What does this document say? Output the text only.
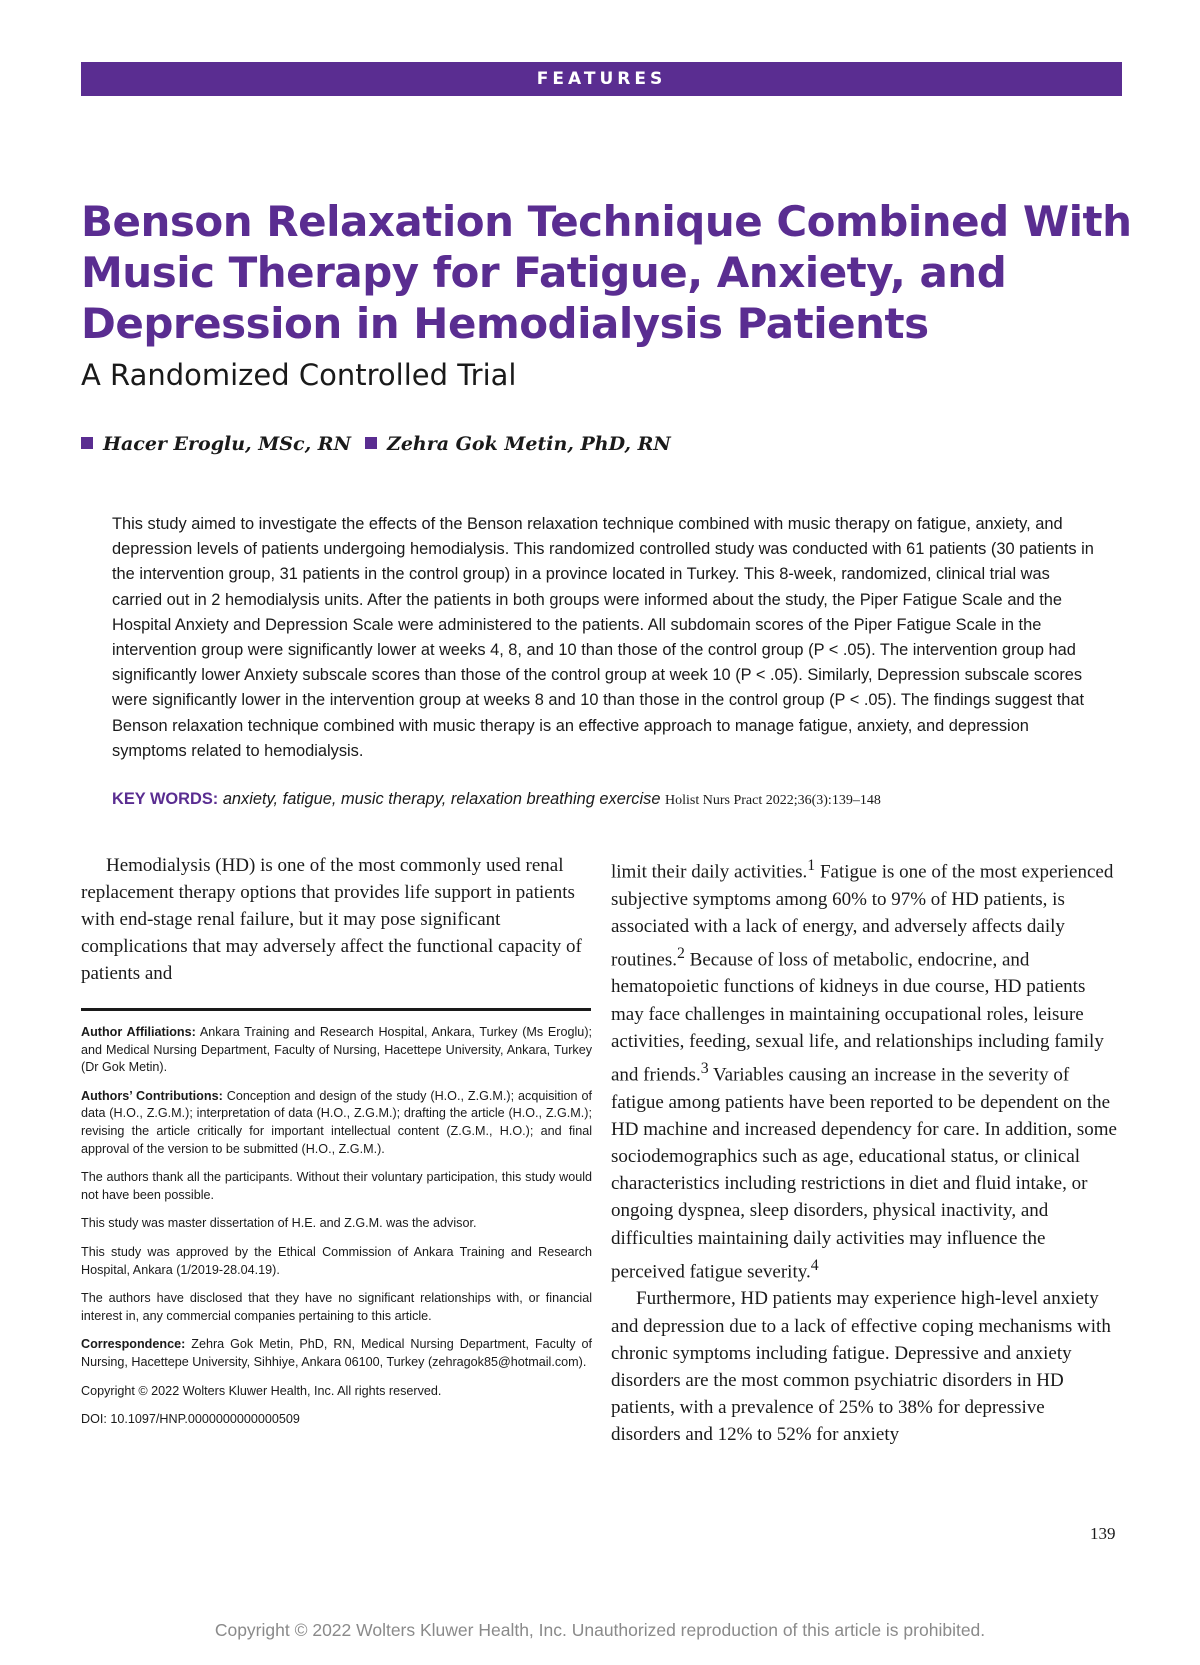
FEATURES
Benson Relaxation Technique Combined With Music Therapy for Fatigue, Anxiety, and Depression in Hemodialysis Patients
A Randomized Controlled Trial
Hacer Eroglu, MSc, RN Zehra Gok Metin, PhD, RN

This study aimed to investigate the effects of the Benson relaxation technique combined with music therapy on fatigue, anxiety, and depression levels of patients undergoing hemodialysis. This randomized controlled study was conducted with 61 patients (30 patients in the intervention group, 31 patients in the control group) in a province located in Turkey. This 8-week, randomized, clinical trial was carried out in 2 hemodialysis units. After the patients in both groups were informed about the study, the Piper Fatigue Scale and the Hospital Anxiety and Depression Scale were administered to the patients. All subdomain scores of the Piper Fatigue Scale in the intervention group were significantly lower at weeks 4, 8, and 10 than those of the control group (P < .05). The intervention group had significantly lower Anxiety subscale scores than those of the control group at week 10 (P < .05). Similarly, Depression subscale scores were significantly lower in the intervention group at weeks 8 and 10 than those in the control group (P < .05). The findings suggest that Benson relaxation technique combined with music therapy is an effective approach to manage fatigue, anxiety, and depression symptoms related to hemodialysis.

KEY WORDS: anxiety, fatigue, music therapy, relaxation breathing exercise Holist Nurs Pract 2022;36(3):139–148

Hemodialysis (HD) is one of the most commonly used renal replacement therapy options that provides life support in patients with end-stage renal failure, but it may pose significant complications that may adversely affect the functional capacity of patients and

Author Affiliations: Ankara Training and Research Hospital, Ankara, Turkey (Ms Eroglu); and Medical Nursing Department, Faculty of Nursing, Hacettepe University, Ankara, Turkey (Dr Gok Metin).

Authors’ Contributions: Conception and design of the study (H.O., Z.G.M.); acquisition of data (H.O., Z.G.M.); interpretation of data (H.O., Z.G.M.); drafting the article (H.O., Z.G.M.); revising the article critically for important intellectual content (Z.G.M., H.O.); and final approval of the version to be submitted (H.O., Z.G.M.).

The authors thank all the participants. Without their voluntary participation, this study would not have been possible.

This study was master dissertation of H.E. and Z.G.M. was the advisor.

This study was approved by the Ethical Commission of Ankara Training and Research Hospital, Ankara (1/2019-28.04.19).

The authors have disclosed that they have no significant relationships with, or financial interest in, any commercial companies pertaining to this article.

Correspondence: Zehra Gok Metin, PhD, RN, Medical Nursing Department, Faculty of Nursing, Hacettepe University, Sihhiye, Ankara 06100, Turkey (zehragok85@hotmail.com).

Copyright © 2022 Wolters Kluwer Health, Inc. All rights reserved.

DOI: 10.1097/HNP.0000000000000509

limit their daily activities.$^1$ Fatigue is one of the most experienced subjective symptoms among 60% to 97% of HD patients, is associated with a lack of energy, and adversely affects daily routines.$^2$ Because of loss of metabolic, endocrine, and hematopoietic functions of kidneys in due course, HD patients may face challenges in maintaining occupational roles, leisure activities, feeding, sexual life, and relationships including family and friends.$^3$ Variables causing an increase in the severity of fatigue among patients have been reported to be dependent on the HD machine and increased dependency for care. In addition, some sociodemographics such as age, educational status, or clinical characteristics including restrictions in diet and fluid intake, or ongoing dyspnea, sleep disorders, physical inactivity, and difficulties maintaining daily activities may influence the perceived fatigue severity.$^4$

Furthermore, HD patients may experience high-level anxiety and depression due to a lack of effective coping mechanisms with chronic symptoms including fatigue. Depressive and anxiety disorders are the most common psychiatric disorders in HD patients, with a prevalence of 25% to 38% for depressive disorders and 12% to 52% for anxiety

139
Copyright © 2022 Wolters Kluwer Health, Inc. Unauthorized reproduction of this article is prohibited.
